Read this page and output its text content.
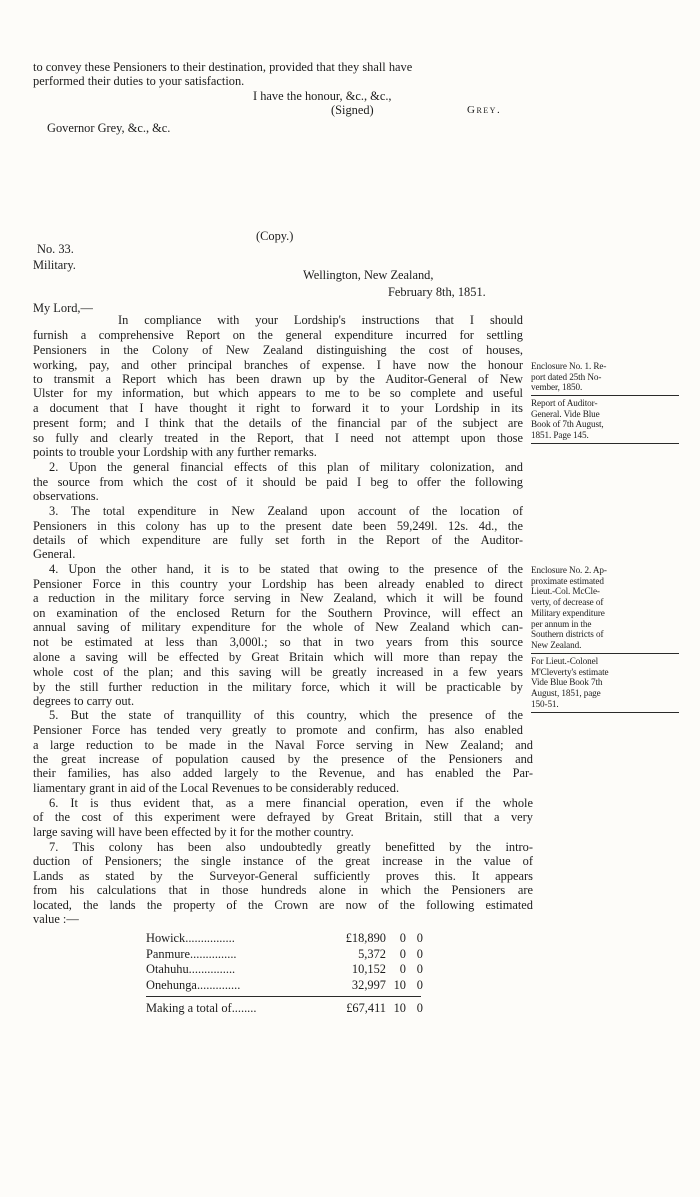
to convey these Pensioners to their destination, provided that they shall have
performed their duties to your satisfaction.
I have the honour, &c., &c.,
(Signed)	Grey.
Governor Grey, &c., &c.
(Copy.)
No. 33.
Military.
Wellington, New Zealand,
February 8th, 1851.
My Lord,—
In compliance with your Lordship's instructions that I should
furnish a comprehensive Report on the general expenditure incurred for settling
Pensioners in the Colony of New Zealand distinguishing the cost of houses,
working, pay, and other principal branches of expense. I have now the honour
to transmit a Report which has been drawn up by the Auditor-General of New
Ulster for my information, but which appears to me to be so complete and useful
a document that I have thought it right to forward it to your Lordship in its
present form; and I think that the details of the financial par of the subject are
so fully and clearly treated in the Report, that I need not attempt upon those
points to trouble your Lordship with any further remarks.
2. Upon the general financial effects of this plan of military colonization, and
the source from which the cost of it should be paid I beg to offer the following
observations.
3. The total expenditure in New Zealand upon account of the location of
Pensioners in this colony has up to the present date been 59,249l. 12s. 4d., the
details of which expenditure are fully set forth in the Report of the Auditor-
General.
4. Upon the other hand, it is to be stated that owing to the presence of the
Pensioner Force in this country your Lordship has been already enabled to direct
a reduction in the military force serving in New Zealand, which it will be found
on examination of the enclosed Return for the Southern Province, will effect an
annual saving of military expenditure for the whole of New Zealand which can-
not be estimated at less than 3,000l.; so that in two years from this source
alone a saving will be effected by Great Britain which will more than repay the
whole cost of the plan; and this saving will be greatly increased in a few years
by the still further reduction in the military force, which it will be practicable by
degrees to carry out.
5. But the state of tranquillity of this country, which the presence of the
Pensioner Force has tended very greatly to promote and confirm, has also enabled
a large reduction to be made in the Naval Force serving in New Zealand; and
the great increase of population caused by the presence of the Pensioners and
their families, has also added largely to the Revenue, and has enabled the Par-
liamentary grant in aid of the Local Revenues to be considerably reduced.
6. It is thus evident that, as a mere financial operation, even if the whole
of the cost of this experiment were defrayed by Great Britain, still that a very
large saving will have been effected by it for the mother country.
7. This colony has been also undoubtedly greatly benefitted by the intro-
duction of Pensioners; the single instance of the great increase in the value of
Lands as stated by the Surveyor-General sufficiently proves this. It appears
from his calculations that in those hundreds alone in which the Pensioners are
located, the lands the property of the Crown are now of the following estimated
value :—
Enclosure No. 1. Re-
port dated 25th No-
vember, 1850.
Report of Auditor-
General. Vide Blue
Book of 7th August,
1851. Page 145.
Enclosure No. 2. Ap-
proximate estimated
Lieut.-Col. McCle-
verty, of decrease of
Military expenditure
per annum in the
Southern districts of
New Zealand.
For Lieut.-Colonel
M'Cleverty's estimate
Vide Blue Book 7th
August, 1851, page
150-51.
Howick................	£18,890	0 0
Panmure...............	5,372	0 0
Otahuhu...............	10,152	0 0
Onehunga..............	32,997 10 0
Making a total of........	£67,411 10 0
